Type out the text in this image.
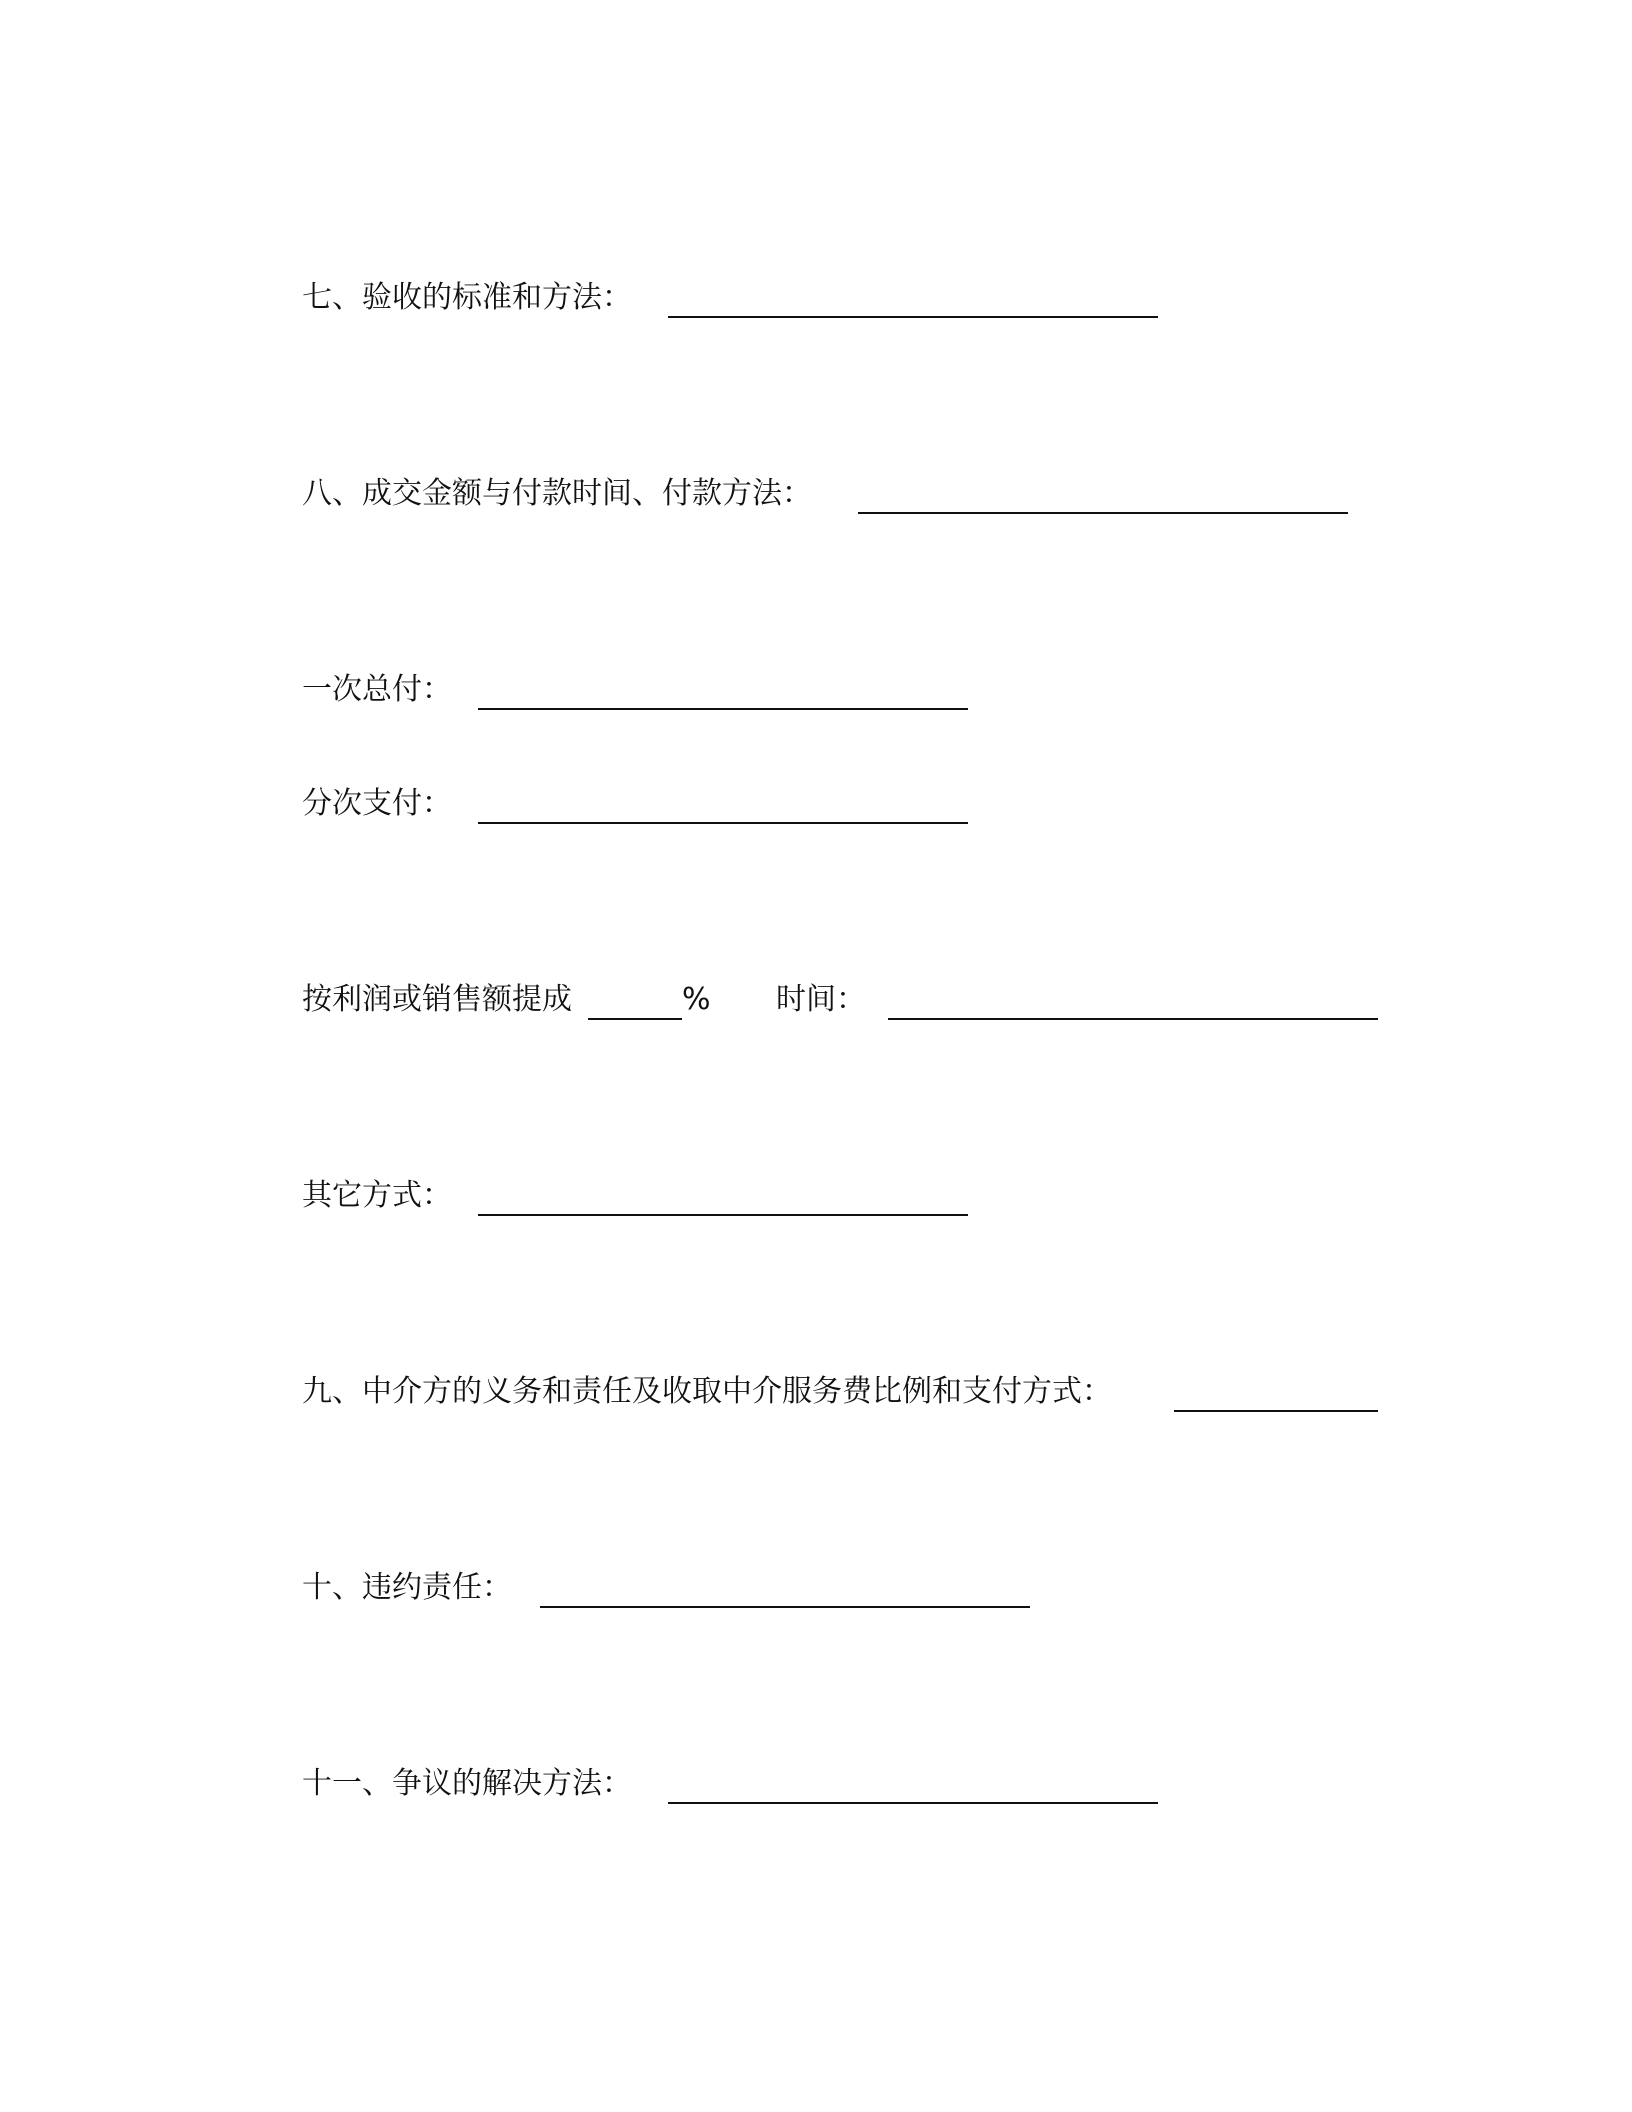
七、验收的标准和方法：
八、成交金额与付款时间、付款方法：
一次总付：
分次支付：
按利润或销售额提成	% 时间：
其它方式：
九、中介方的义务和责任及收取中介服务费比例和支付方式：
十、违约责任：
十一、争议的解决方法：
